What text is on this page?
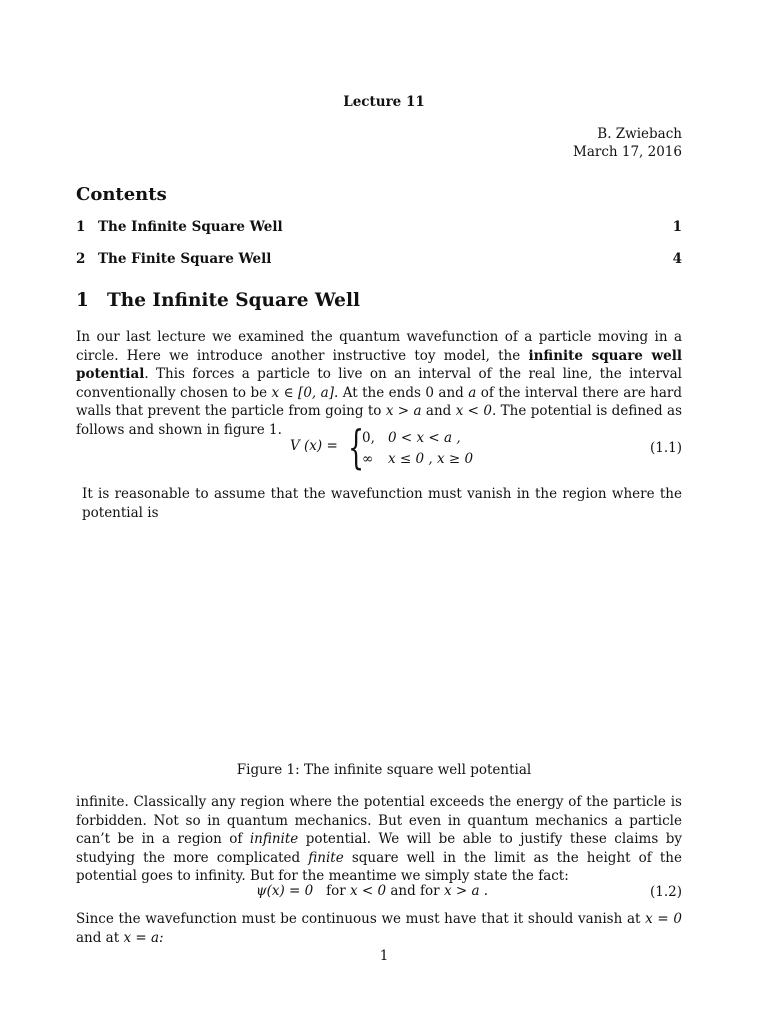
Lecture 11
B. Zwiebach
March 17, 2016
Contents
1 The Infinite Square Well	1
2 The Finite Square Well	4
1 The Infinite Square Well
In our last lecture we examined the quantum wavefunction of a particle moving in a circle. Here we introduce another instructive toy model, the infinite square well potential. This forces a particle to live on an interval of the real line, the interval conventionally chosen to be x ∈ [0, a]. At the ends 0 and a of the interval there are hard walls that prevent the particle from going to x > a and x < 0. The potential is defined as follows and shown in figure 1.
V (x) = {
0, 0 < x < a ,
∞ x ≤ 0 , x ≥ 0
(1.1)
It is reasonable to assume that the wavefunction must vanish in the region where the potential is
Figure 1: The infinite square well potential
infinite. Classically any region where the potential exceeds the energy of the particle is forbidden. Not so in quantum mechanics. But even in quantum mechanics a particle can’t be in a region of infinite potential. We will be able to justify these claims by studying the more complicated finite square well in the limit as the height of the potential goes to infinity. But for the meantime we simply state the fact:
ψ(x) = 0 for x < 0 and for x > a .	(1.2)
Since the wavefunction must be continuous we must have that it should vanish at x = 0 and at x = a:
1
